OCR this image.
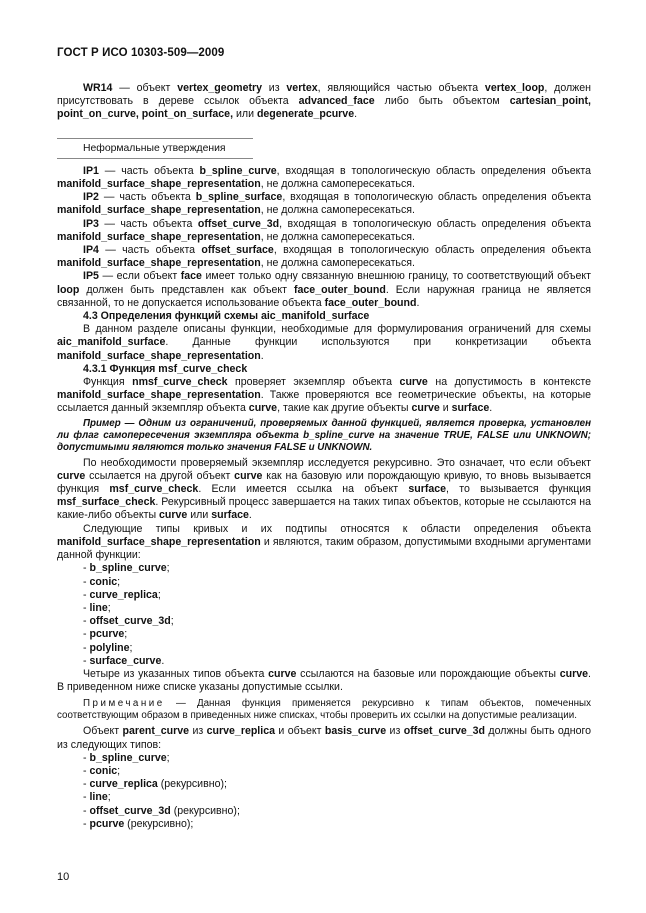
ГОСТ Р ИСО 10303-509—2009

WR14 — объект vertex_geometry из vertex, являющийся частью объекта vertex_loop, должен присутствовать в дереве ссылок объекта advanced_face либо быть объектом cartesian_point, point_on_curve, point_on_surface, или degenerate_pcurve.

Неформальные утверждения

IP1 — часть объекта b_spline_curve, входящая в топологическую область определения объекта manifold_surface_shape_representation, не должна самопересекаться.

IP2 — часть объекта b_spline_surface, входящая в топологическую область определения объекта manifold_surface_shape_representation, не должна самопересекаться.

IP3 — часть объекта offset_curve_3d, входящая в топологическую область определения объекта manifold_surface_shape_representation, не должна самопересекаться.

IP4 — часть объекта offset_surface, входящая в топологическую область определения объекта manifold_surface_shape_representation, не должна самопересекаться.

IP5 — если объект face имеет только одну связанную внешнюю границу, то соответствующий объект loop должен быть представлен как объект face_outer_bound. Если наружная граница не является связанной, то не допускается использование объекта face_outer_bound.

4.3 Определения функций схемы aic_manifold_surface

В данном разделе описаны функции, необходимые для формулирования ограничений для схемы aic_manifold_surface. Данные функции используются при конкретизации объекта manifold_surface_shape_representation.

4.3.1 Функция msf_curve_check

Функция nmsf_curve_check проверяет экземпляр объекта curve на допустимость в контексте manifold_surface_shape_representation. Также проверяются все геометрические объекты, на которые ссылается данный экземпляр объекта curve, такие как другие объекты curve и surface.

Пример — Одним из ограничений, проверяемых данной функцией, является проверка, установлен ли флаг самопересечения экземпляра объекта b_spline_curve на значение TRUE, FALSE или UNKNOWN; допустимыми являются только значения FALSE и UNKNOWN.

По необходимости проверяемый экземпляр исследуется рекурсивно. Это означает, что если объект curve ссылается на другой объект curve как на базовую или порождающую кривую, то вновь вызывается функция msf_curve_check. Если имеется ссылка на объект surface, то вызывается функция msf_surface_check. Рекурсивный процесс завершается на таких типах объектов, которые не ссылаются на какие-либо объекты curve или surface.

Следующие типы кривых и их подтипы относятся к области определения объекта manifold_surface_shape_representation и являются, таким образом, допустимыми входными аргументами данной функции:

- b_spline_curve;

- conic;

- curve_replica;

- line;

- offset_curve_3d;

- pcurve;

- polyline;

- surface_curve.

Четыре из указанных типов объекта curve ссылаются на базовые или порождающие объекты curve. В приведенном ниже списке указаны допустимые ссылки.

Примечание — Данная функция применяется рекурсивно к типам объектов, помеченных соответствующим образом в приведенных ниже списках, чтобы проверить их ссылки на допустимые реализации.

Объект parent_curve из curve_replica и объект basis_curve из offset_curve_3d должны быть одного из следующих типов:

- b_spline_curve;

- conic;

- curve_replica (рекурсивно);

- line;

- offset_curve_3d (рекурсивно);

- pcurve (рекурсивно);

10
